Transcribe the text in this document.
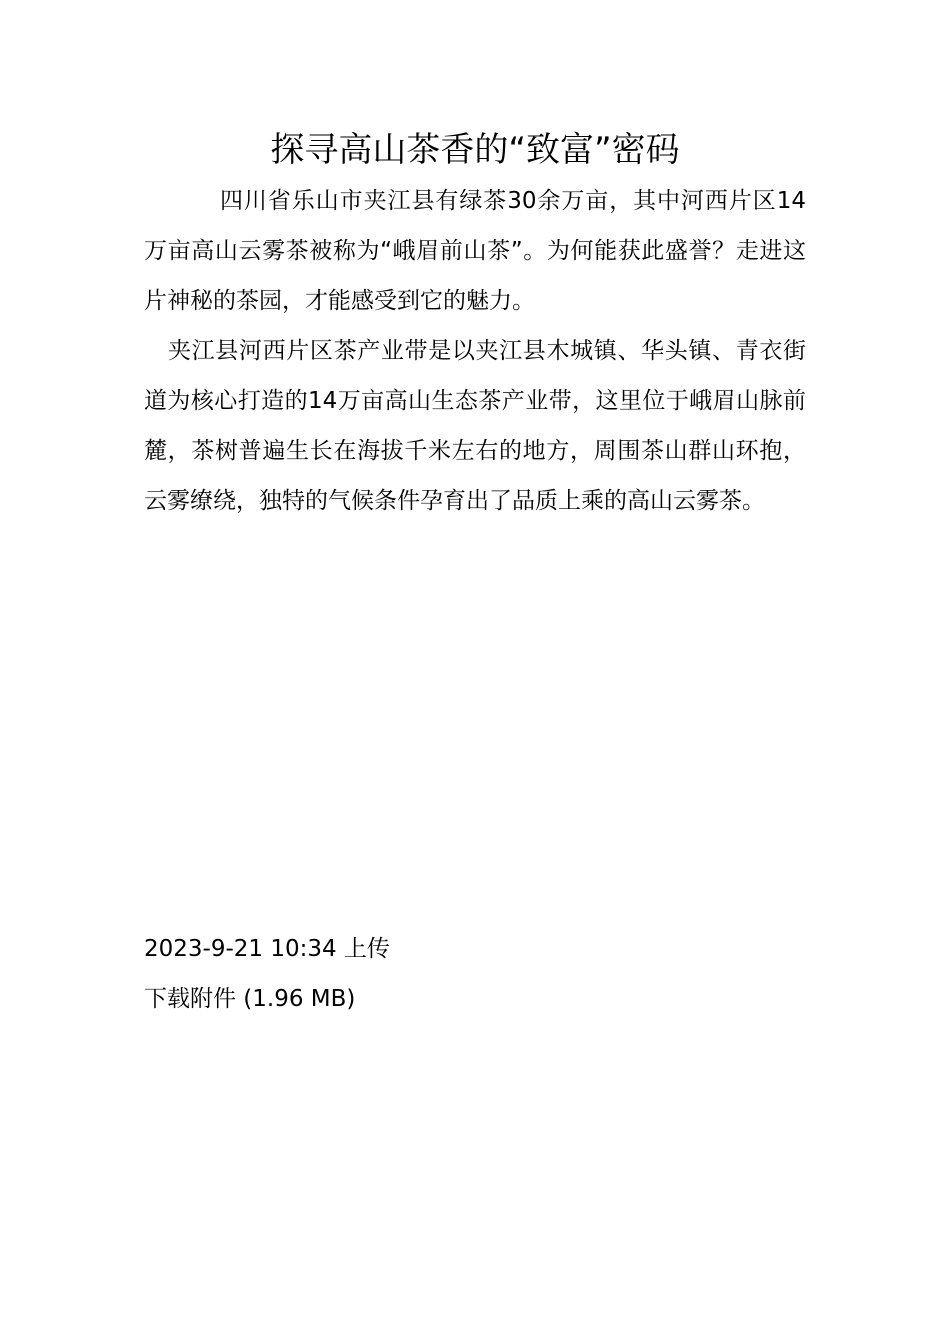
探寻高山茶香的“致富”密码

四川省乐山市夹江县有绿茶30余万亩，其中河西片区14万亩高山云雾茶被称为“峨眉前山茶”。为何能获此盛誉？走进这片神秘的茶园，才能感受到它的魅力。

夹江县河西片区茶产业带是以夹江县木城镇、华头镇、青衣街道为核心打造的14万亩高山生态茶产业带，这里位于峨眉山脉前麓，茶树普遍生长在海拔千米左右的地方，周围茶山群山环抱，云雾缭绕，独特的气候条件孕育出了品质上乘的高山云雾茶。

2023-9-21 10:34 上传

下载附件 (1.96 MB)
